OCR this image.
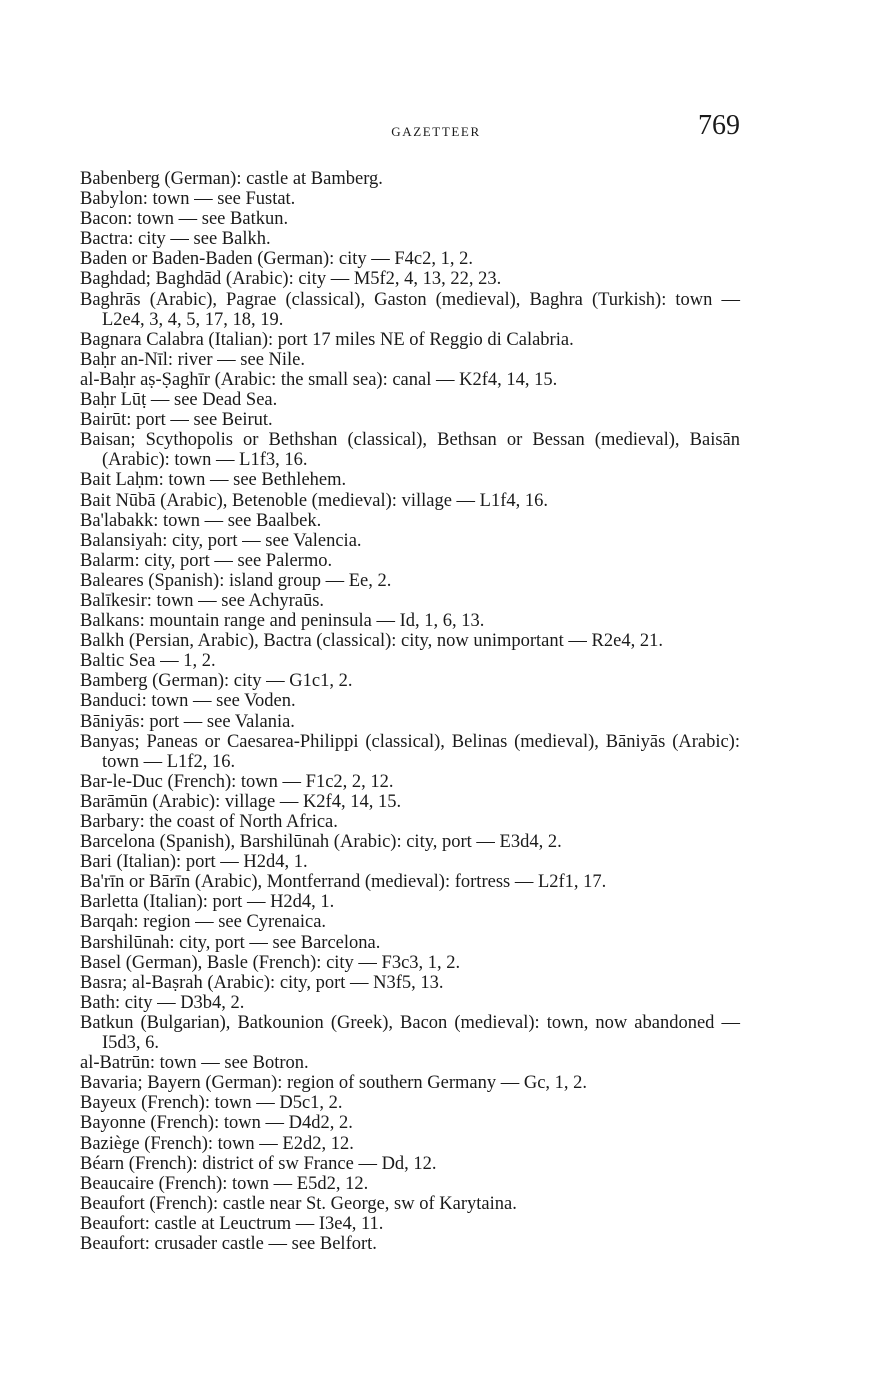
GAZETTEER	769
Babenberg (German): castle at Bamberg.
Babylon: town — see Fustat.
Bacon: town — see Batkun.
Bactra: city — see Balkh.
Baden or Baden-Baden (German): city — F4c2, 1, 2.
Baghdad; Baghdād (Arabic): city — M5f2, 4, 13, 22, 23.
Baghrās (Arabic), Pagrae (classical), Gaston (medieval), Baghra (Turkish): town — L2e4, 3, 4, 5, 17, 18, 19.
Bagnara Calabra (Italian): port 17 miles NE of Reggio di Calabria.
Baḥr an-Nīl: river — see Nile.
al-Baḥr aṣ-Ṣaghīr (Arabic: the small sea): canal — K2f4, 14, 15.
Baḥr Lūṭ — see Dead Sea.
Bairūt: port — see Beirut.
Baisan; Scythopolis or Bethshan (classical), Bethsan or Bessan (medieval), Baisān (Arabic): town — L1f3, 16.
Bait Laḥm: town — see Bethlehem.
Bait Nūbā (Arabic), Betenoble (medieval): village — L1f4, 16.
Ba'labakk: town — see Baalbek.
Balansiyah: city, port — see Valencia.
Balarm: city, port — see Palermo.
Baleares (Spanish): island group — Ee, 2.
Balīkesir: town — see Achyraūs.
Balkans: mountain range and peninsula — Id, 1, 6, 13.
Balkh (Persian, Arabic), Bactra (classical): city, now unimportant — R2e4, 21.
Baltic Sea — 1, 2.
Bamberg (German): city — G1c1, 2.
Banduci: town — see Voden.
Bāniyās: port — see Valania.
Banyas; Paneas or Caesarea-Philippi (classical), Belinas (medieval), Bāniyās (Arabic): town — L1f2, 16.
Bar-le-Duc (French): town — F1c2, 2, 12.
Barāmūn (Arabic): village — K2f4, 14, 15.
Barbary: the coast of North Africa.
Barcelona (Spanish), Barshilūnah (Arabic): city, port — E3d4, 2.
Bari (Italian): port — H2d4, 1.
Ba'rīn or Bārīn (Arabic), Montferrand (medieval): fortress — L2f1, 17.
Barletta (Italian): port — H2d4, 1.
Barqah: region — see Cyrenaica.
Barshilūnah: city, port — see Barcelona.
Basel (German), Basle (French): city — F3c3, 1, 2.
Basra; al-Baṣrah (Arabic): city, port — N3f5, 13.
Bath: city — D3b4, 2.
Batkun (Bulgarian), Batkounion (Greek), Bacon (medieval): town, now abandoned — I5d3, 6.
al-Batrūn: town — see Botron.
Bavaria; Bayern (German): region of southern Germany — Gc, 1, 2.
Bayeux (French): town — D5c1, 2.
Bayonne (French): town — D4d2, 2.
Baziège (French): town — E2d2, 12.
Béarn (French): district of sw France — Dd, 12.
Beaucaire (French): town — E5d2, 12.
Beaufort (French): castle near St. George, sw of Karytaina.
Beaufort: castle at Leuctrum — I3e4, 11.
Beaufort: crusader castle — see Belfort.
